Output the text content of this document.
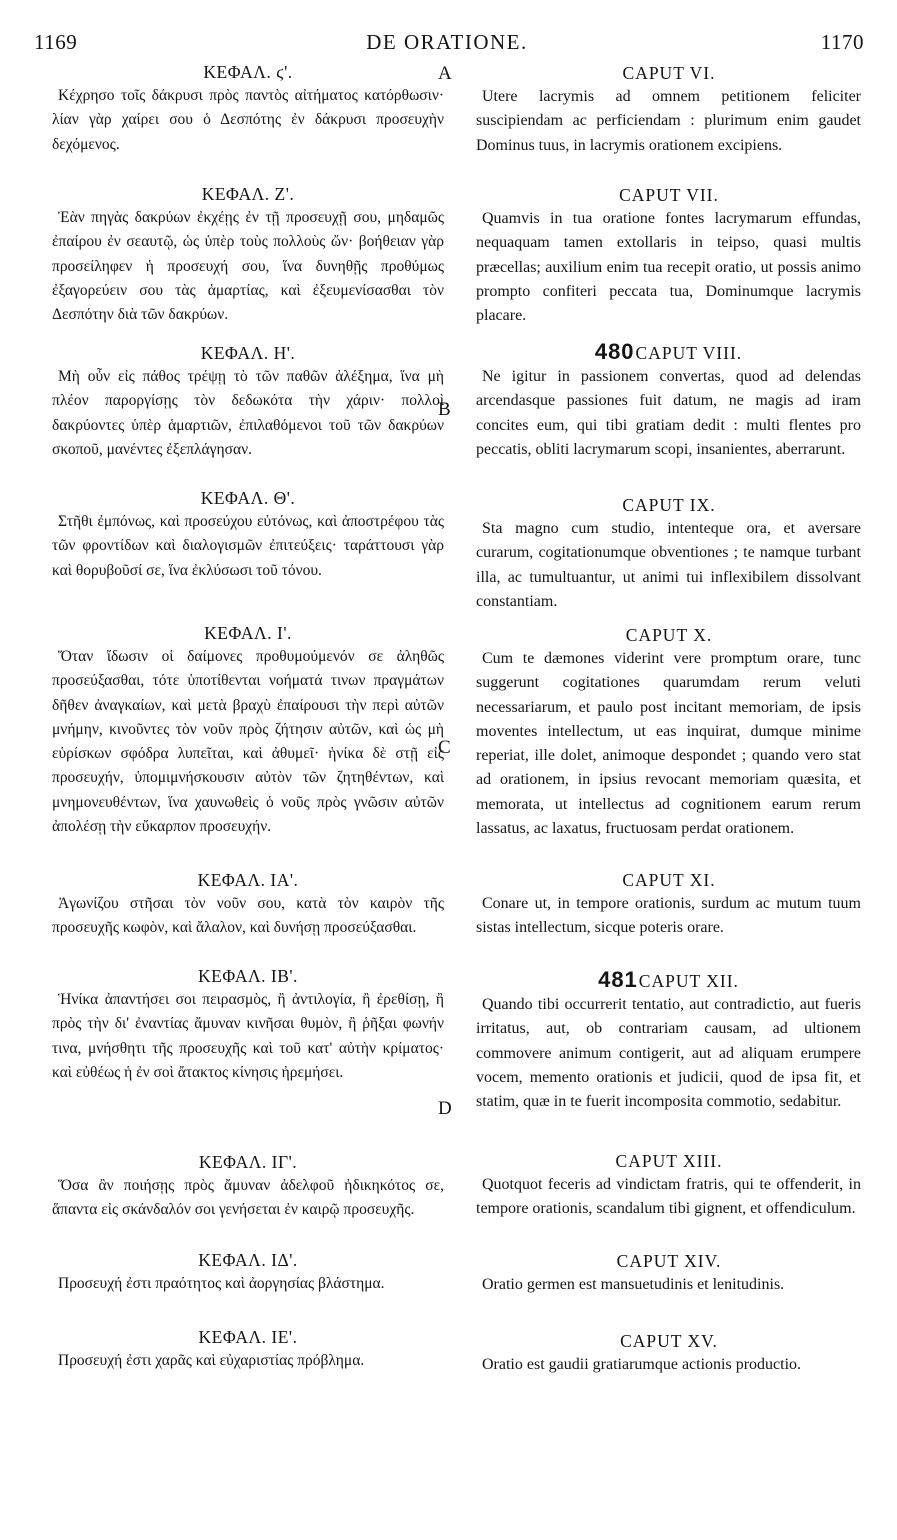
1169	DE ORATIONE.	1170
A
B
C
D
ΚΕΦΑΛ. ϛ'.
Κέχρησο τοῖς δάκρυσι πρὸς παντὸς αἰτήματος κατόρθωσιν· λίαν γὰρ χαίρει σου ὁ Δεσπότης ἐν δάκρυσι προσευχὴν δεχόμενος.
ΚΕΦΑΛ. Ζ'.
Ἐὰν πηγὰς δακρύων ἐκχέῃς ἐν τῇ προσευχῇ σου, μηδαμῶς ἐπαίρου ἐν σεαυτῷ, ὡς ὑπὲρ τοὺς πολλοὺς ὤν· βοήθειαν γὰρ προσείληφεν ἡ προσευχή σου, ἵνα δυνηθῇς προθύμως ἐξαγορεύειν σου τὰς ἁμαρτίας, καὶ ἐξευμενίσασθαι τὸν Δεσπότην διὰ τῶν δακρύων.
ΚΕΦΑΛ. Η'.
Μὴ οὖν εἰς πάθος τρέψῃ τὸ τῶν παθῶν ἀλέξημα, ἵνα μὴ πλέον παροργίσῃς τὸν δεδωκότα τὴν χάριν· πολλοὶ δακρύοντες ὑπὲρ ἁμαρτιῶν, ἐπιλαθόμενοι τοῦ τῶν δακρύων σκοποῦ, μανέντες ἐξεπλάγησαν.
ΚΕΦΑΛ. Θ'.
Στῆθι ἐμπόνως, καὶ προσεύχου εὐτόνως, καὶ ἀποστρέφου τὰς τῶν φροντίδων καὶ διαλογισμῶν ἐπιτεύξεις· ταράττουσι γὰρ καὶ θορυβοῦσί σε, ἵνα ἐκλύσωσι τοῦ τόνου.
ΚΕΦΑΛ. Ι'.
Ὅταν ἴδωσιν οἱ δαίμονες προθυμούμενόν σε ἀληθῶς προσεύξασθαι, τότε ὑποτίθενται νοήματά τινων πραγμάτων δῆθεν ἀναγκαίων, καὶ μετὰ βραχὺ ἐπαίρουσι τὴν περὶ αὐτῶν μνήμην, κινοῦντες τὸν νοῦν πρὸς ζήτησιν αὐτῶν, καὶ ὡς μὴ εὑρίσκων σφόδρα λυπεῖται, καὶ ἀθυμεῖ· ἡνίκα δὲ στῇ εἰς προσευχήν, ὑπομιμνήσκουσιν αὐτὸν τῶν ζητηθέντων, καὶ μνημονευθέντων, ἵνα χαυνωθεὶς ὁ νοῦς πρὸς γνῶσιν αὐτῶν ἀπολέσῃ τὴν εὔκαρπον προσευχήν.
ΚΕΦΑΛ. ΙΑ'.
Ἀγωνίζου στῆσαι τὸν νοῦν σου, κατὰ τὸν καιρὸν τῆς προσευχῆς κωφὸν, καὶ ἄλαλον, καὶ δυνήσῃ προσεύξασθαι.
ΚΕΦΑΛ. ΙΒ'.
Ἡνίκα ἀπαντήσει σοι πειρασμὸς, ἢ ἀντιλογία, ἢ ἐρεθίσῃ, ἢ πρὸς τὴν δι' ἐναντίας ἄμυναν κινῆσαι θυμὸν, ἢ ῥῆξαι φωνήν τινα, μνήσθητι τῆς προσευχῆς καὶ τοῦ κατ' αὐτὴν κρίματος· καὶ εὐθέως ἡ ἐν σοὶ ἄτακτος κίνησις ἠρεμήσει.
ΚΕΦΑΛ. ΙΓ'.
Ὅσα ἂν ποιήσῃς πρὸς ἄμυναν ἀδελφοῦ ἠδικηκότος σε, ἅπαντα εἰς σκάνδαλόν σοι γενήσεται ἐν καιρῷ προσευχῆς.
ΚΕΦΑΛ. ΙΔ'.
Προσευχή ἐστι πραότητος καὶ ἀοργησίας βλάστημα.
ΚΕΦΑΛ. ΙΕ'.
Προσευχή ἐστι χαρᾶς καὶ εὐχαριστίας πρόβλημα.
CAPUT VI.
Utere lacrymis ad omnem petitionem feliciter suscipiendam ac perficiendam : plurimum enim gaudet Dominus tuus, in lacrymis orationem excipiens.
CAPUT VII.
Quamvis in tua oratione fontes lacrymarum effundas, nequaquam tamen extollaris in teipso, quasi multis præcellas; auxilium enim tua recepit oratio, ut possis animo prompto confiteri peccata tua, Dominumque lacrymis placare.
480CAPUT VIII.
Ne igitur in passionem convertas, quod ad delendas arcendasque passiones fuit datum, ne magis ad iram concites eum, qui tibi gratiam dedit : multi flentes pro peccatis, obliti lacrymarum scopi, insanientes, aberrarunt.
CAPUT IX.
Sta magno cum studio, intenteque ora, et aversare curarum, cogitationumque obventiones ; te namque turbant illa, ac tumultuantur, ut animi tui inflexibilem dissolvant constantiam.
CAPUT X.
Cum te dæmones viderint vere promptum orare, tunc suggerunt cogitationes quarumdam rerum veluti necessariarum, et paulo post incitant memoriam, de ipsis moventes intellectum, ut eas inquirat, dumque minime reperiat, ille dolet, animoque despondet ; quando vero stat ad orationem, in ipsius revocant memoriam quæsita, et memorata, ut intellectus ad cognitionem earum rerum lassatus, ac laxatus, fructuosam perdat orationem.
CAPUT XI.
Conare ut, in tempore orationis, surdum ac mutum tuum sistas intellectum, sicque poteris orare.
481CAPUT XII.
Quando tibi occurrerit tentatio, aut contradictio, aut fueris irritatus, aut, ob contrariam causam, ad ultionem commovere animum contigerit, aut ad aliquam erumpere vocem, memento orationis et judicii, quod de ipsa fit, et statim, quæ in te fuerit incomposita commotio, sedabitur.
CAPUT XIII.
Quotquot feceris ad vindictam fratris, qui te offenderit, in tempore orationis, scandalum tibi gignent, et offendiculum.
CAPUT XIV.
Oratio germen est mansuetudinis et lenitudinis.
CAPUT XV.
Oratio est gaudii gratiarumque actionis productio.
